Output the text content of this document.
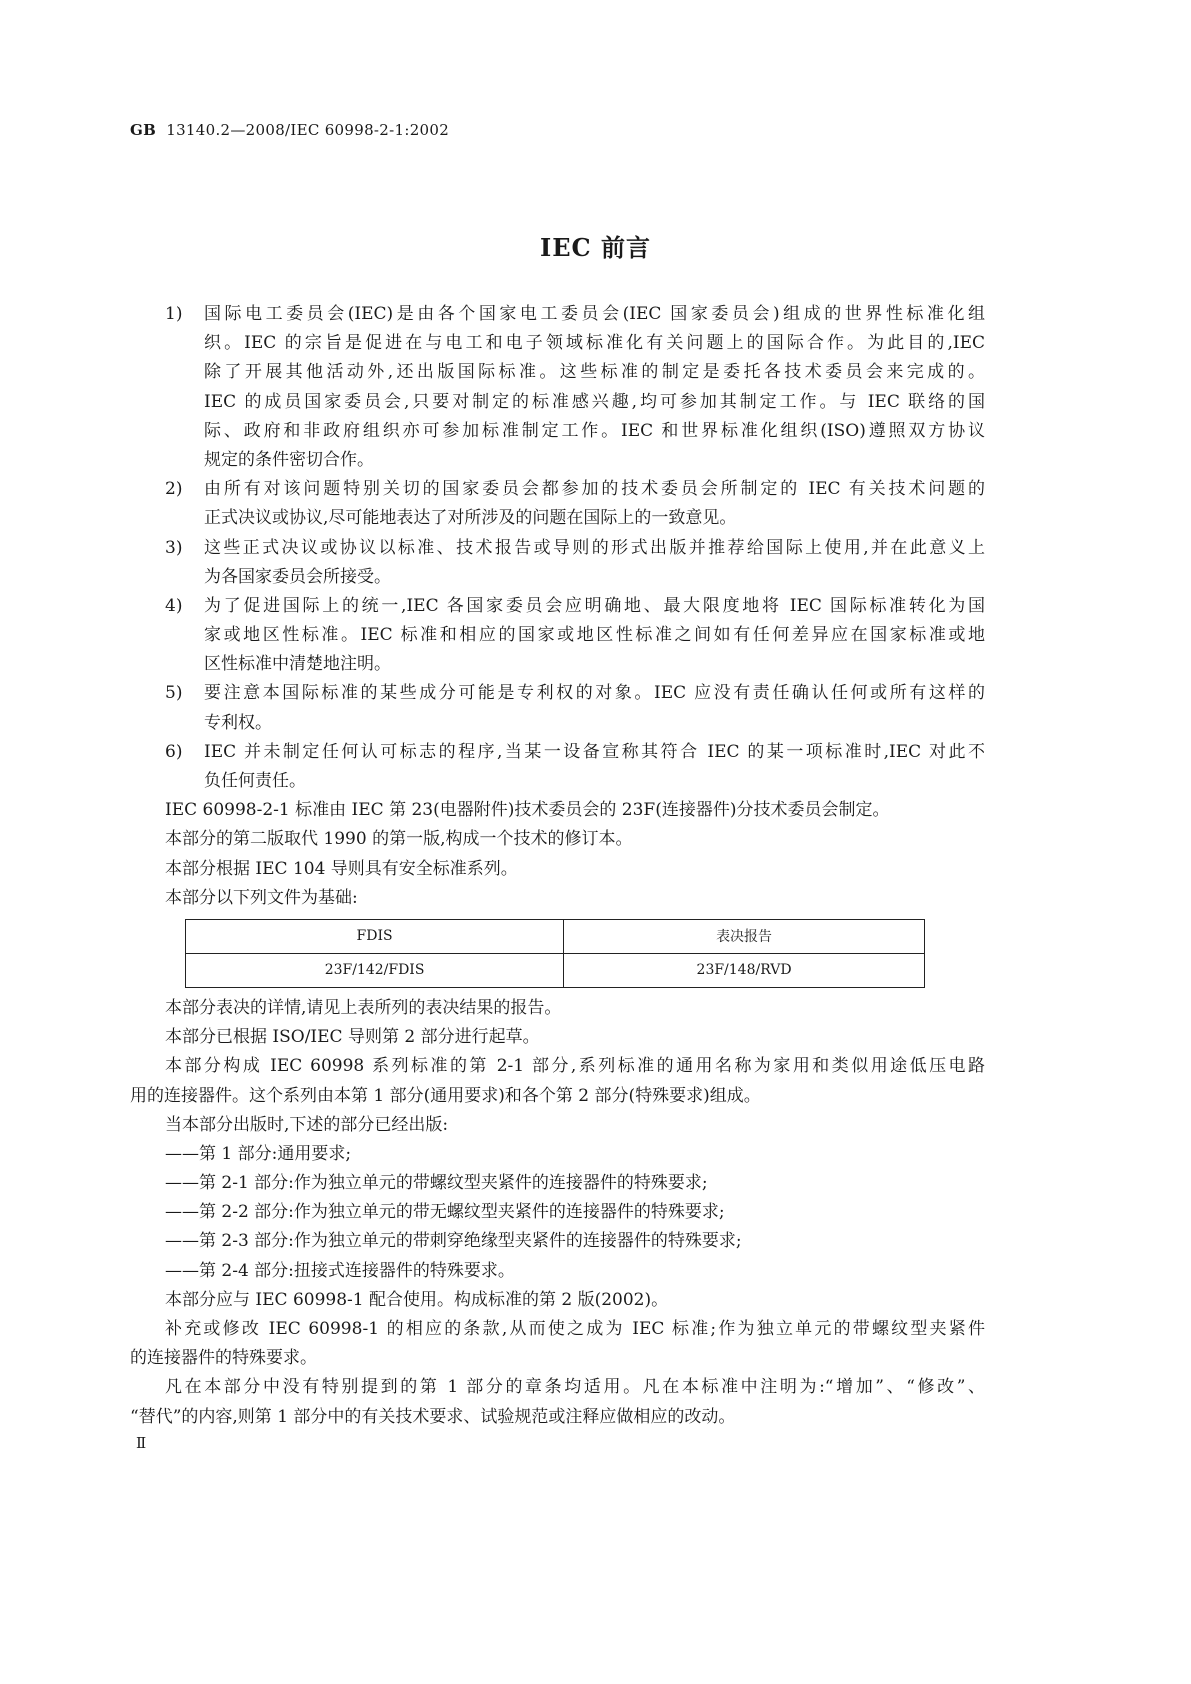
GB 13140.2—2008/IEC 60998-2-1:2002
IEC 前言
国际电工委员会(IEC)是由各个国家电工委员会(IEC 国家委员会)组成的世界性标准化组
1)
织。IEC 的宗旨是促进在与电工和电子领域标准化有关问题上的国际合作。为此目的,IEC
除了开展其他活动外,还出版国际标准。这些标准的制定是委托各技术委员会来完成的。
IEC 的成员国家委员会,只要对制定的标准感兴趣,均可参加其制定工作。与 IEC 联络的国
际、政府和非政府组织亦可参加标准制定工作。IEC 和世界标准化组织(ISO)遵照双方协议
规定的条件密切合作。
由所有对该问题特别关切的国家委员会都参加的技术委员会所制定的 IEC 有关技术问题的
2)
正式决议或协议,尽可能地表达了对所涉及的问题在国际上的一致意见。
这些正式决议或协议以标准、技术报告或导则的形式出版并推荐给国际上使用,并在此意义上
3)
为各国家委员会所接受。
为了促进国际上的统一,IEC 各国家委员会应明确地、最大限度地将 IEC 国际标准转化为国
4)
家或地区性标准。IEC 标准和相应的国家或地区性标准之间如有任何差异应在国家标准或地
区性标准中清楚地注明。
要注意本国际标准的某些成分可能是专利权的对象。IEC 应没有责任确认任何或所有这样的
5)
专利权。
IEC 并未制定任何认可标志的程序,当某一设备宣称其符合 IEC 的某一项标准时,IEC 对此不
6)
负任何责任。
IEC 60998-2-1 标准由 IEC 第 23(电器附件)技术委员会的 23F(连接器件)分技术委员会制定。
本部分的第二版取代 1990 的第一版,构成一个技术的修订本。
本部分根据 IEC 104 导则具有安全标准系列。
本部分以下列文件为基础:
FDIS	表决报告
23F/142/FDIS	23F/148/RVD
本部分表决的详情,请见上表所列的表决结果的报告。
本部分已根据 ISO/IEC 导则第 2 部分进行起草。
本部分构成 IEC 60998 系列标准的第 2-1 部分,系列标准的通用名称为家用和类似用途低压电路
用的连接器件。这个系列由本第 1 部分(通用要求)和各个第 2 部分(特殊要求)组成。
当本部分出版时,下述的部分已经出版:
——第 1 部分:通用要求;
——第 2-1 部分:作为独立单元的带螺纹型夹紧件的连接器件的特殊要求;
——第 2-2 部分:作为独立单元的带无螺纹型夹紧件的连接器件的特殊要求;
——第 2-3 部分:作为独立单元的带刺穿绝缘型夹紧件的连接器件的特殊要求;
——第 2-4 部分:扭接式连接器件的特殊要求。
本部分应与 IEC 60998-1 配合使用。构成标准的第 2 版(2002)。
补充或修改 IEC 60998-1 的相应的条款,从而使之成为 IEC 标准;作为独立单元的带螺纹型夹紧件
的连接器件的特殊要求。
凡在本部分中没有特别提到的第 1 部分的章条均适用。凡在本标准中注明为:“增加”、“修改”、
“替代”的内容,则第 1 部分中的有关技术要求、试验规范或注释应做相应的改动。
Ⅱ
